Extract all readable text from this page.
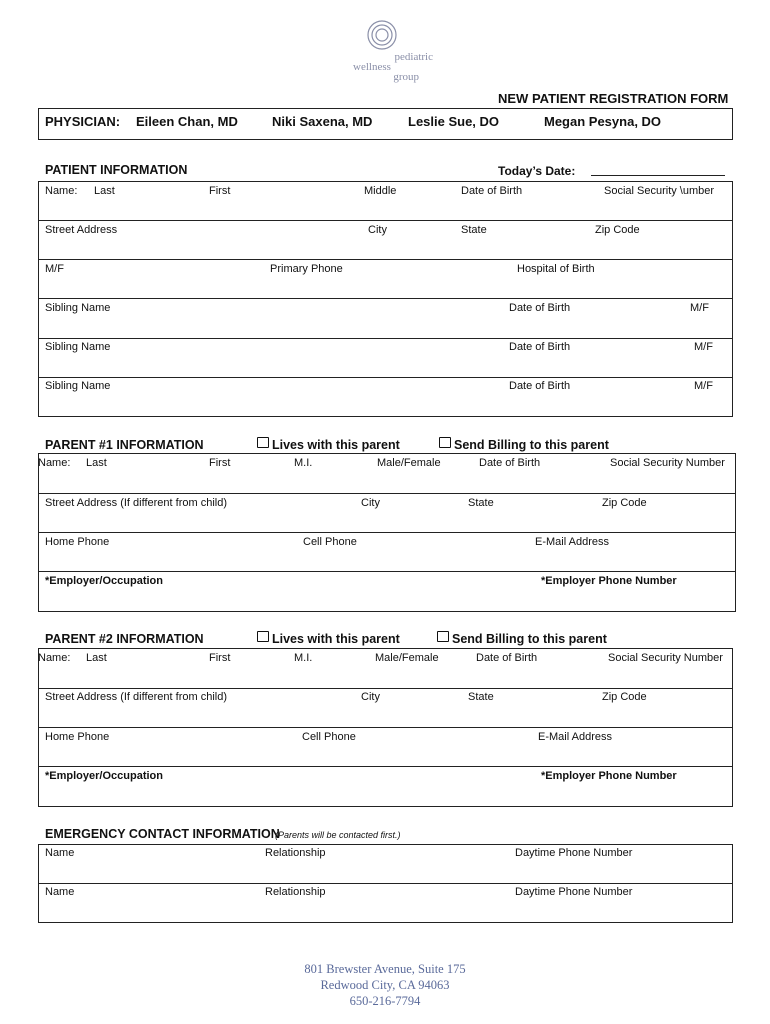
pediatric
wellness
group
NEW PATIENT REGISTRATION FORM
PHYSICIAN: Eileen Chan, MD	Niki Saxena, MD	Leslie Sue, DO	Megan Pesyna, DO
PATIENT INFORMATION	Today’s Date:
Name: Last	First	Middle	Date of Birth	Social Security \umber
Street Address	City	State	Zip Code
M/F	Primary Phone	Hospital of Birth
Sibling Name	Date of Birth	M/F
Sibling Name	Date of Birth	M/F
Sibling Name	Date of Birth	M/F
PARENT #1 INFORMATION	Lives with this parent	Send Billing to this parent
Name: Last	First	M.I.	Male/Female	Date of Birth	Social Security Number
Street Address (If different from child)	City	State	Zip Code
Home Phone	Cell Phone	E-Mail Address
*Employer/Occupation	*Employer Phone Number
PARENT #2 INFORMATION	Lives with this parent	Send Billing to this parent
Name: Last	First	M.I.	Male/Female	Date of Birth	Social Security Number
Street Address (If different from child)	City	State	Zip Code
Home Phone	Cell Phone	E-Mail Address
*Employer/Occupation	*Employer Phone Number
EMERGENCY CONTACT INFORMATION
(Parents will be contacted first.)
Name	Relationship	Daytime Phone Number
Name	Relationship	Daytime Phone Number
801 Brewster Avenue, Suite 175
Redwood City, CA 94063
650-216-7794
